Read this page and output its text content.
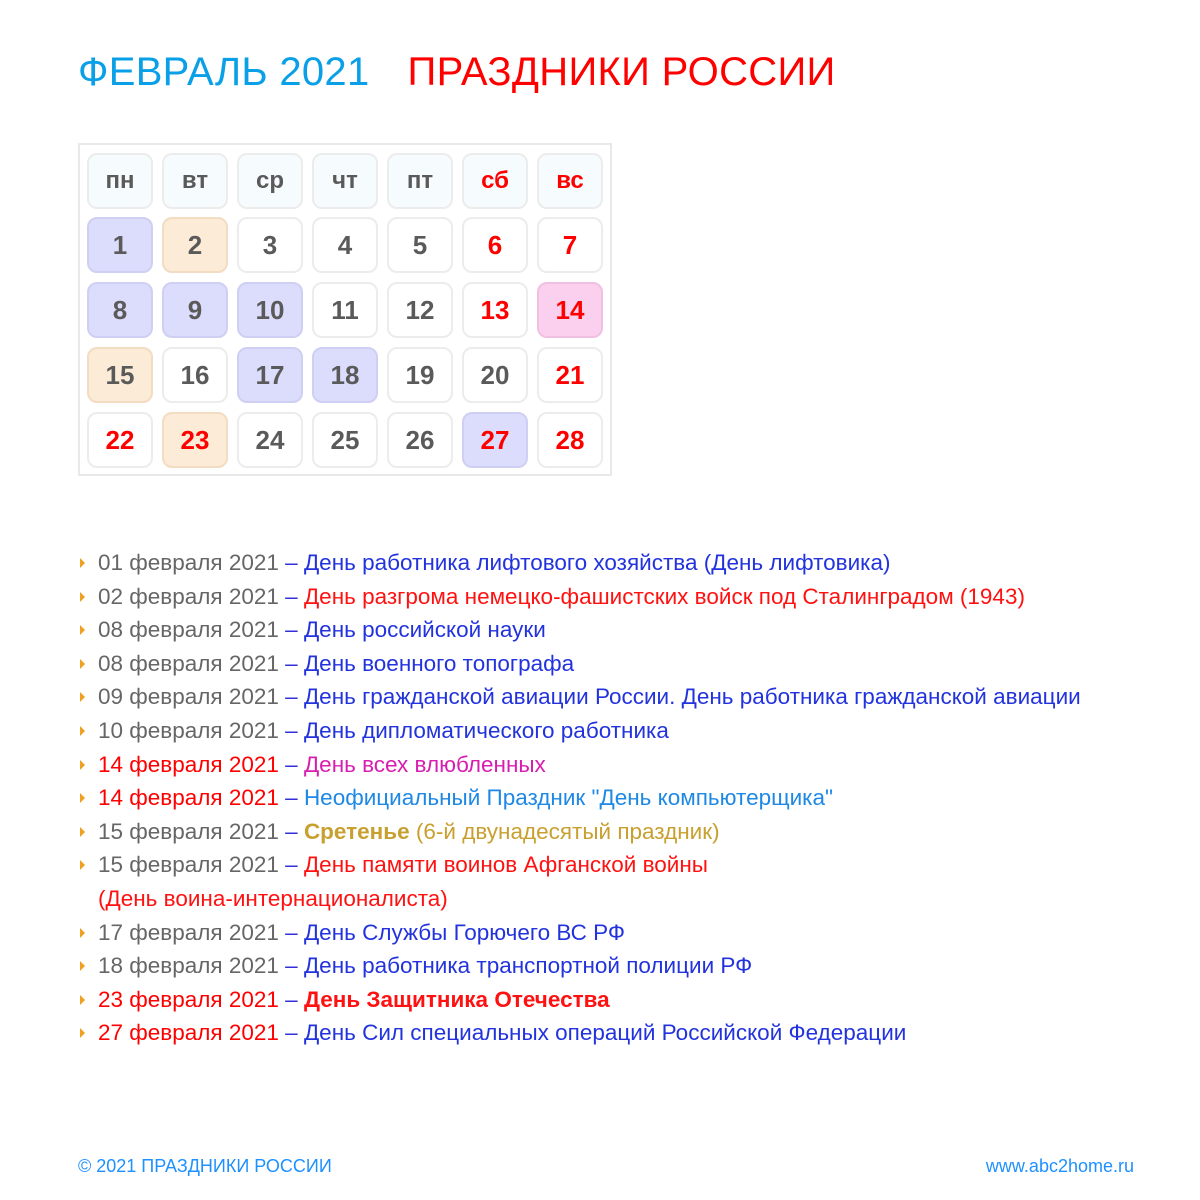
ФЕВРАЛЬ 2021 ПРАЗДНИКИ РОССИИ
пн	вт	ср	чт	пт	сб	вс
1	2	3	4	5	6	7
8	9	10	11	12	13	14
15	16	17	18	19	20	21
22	23	24	25	26	27	28
01 февраля 2021 – День работника лифтового хозяйства (День лифтовика)
02 февраля 2021 – День разгрома немецко-фашистских войск под Сталинградом (1943)
08 февраля 2021 – День российской науки
08 февраля 2021 – День военного топографа
09 февраля 2021 – День гражданской авиации России. День работника гражданской авиации
10 февраля 2021 – День дипломатического работника
14 февраля 2021 – День всех влюбленных
14 февраля 2021 – Неофициальный Праздник "День компьютерщика"
15 февраля 2021 – Сретенье (6-й двунадесятый праздник)
15 февраля 2021 – День памяти воинов Афганской войны
(День воина-интернационалиста)
17 февраля 2021 – День Службы Горючего ВС РФ
18 февраля 2021 – День работника транспортной полиции РФ
23 февраля 2021 – День Защитника Отечества
27 февраля 2021 – День Сил специальных операций Российской Федерации
© 2021 ПРАЗДНИКИ РОССИИ	www.abc2home.ru
